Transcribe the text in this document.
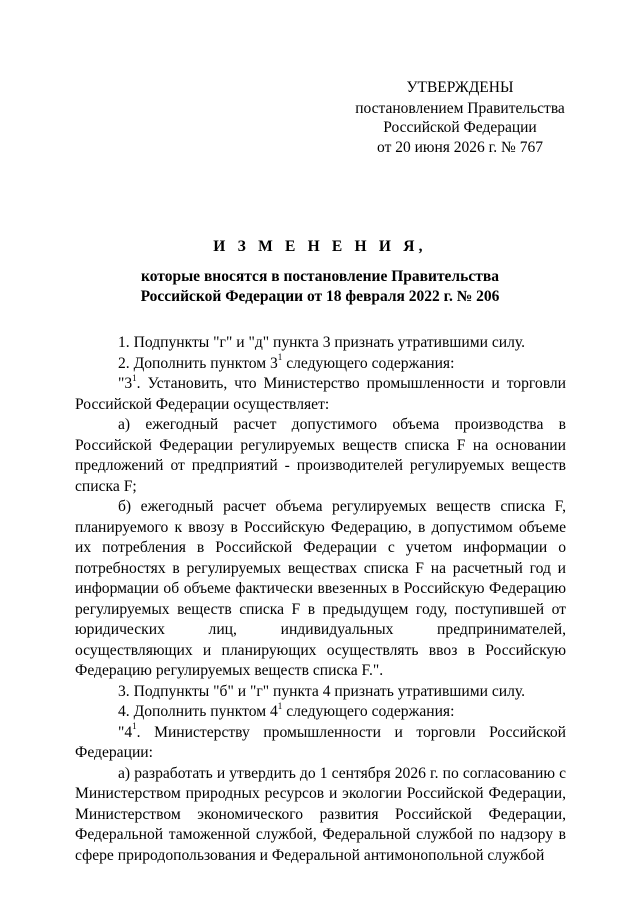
УТВЕРЖДЕНЫ
постановлением Правительства
Российской Федерации
от 20 июня 2026 г. № 767
И З М Е Н Е Н И Я,
которые вносятся в постановление Правительства
Российской Федерации от 18 февраля 2022 г. № 206

1. Подпункты "г" и "д" пункта 3 признать утратившими силу.

2. Дополнить пунктом $3^1$ следующего содержания:

"$3^1$. Установить, что Министерство промышленности и торговли Российской Федерации осуществляет:

а) ежегодный расчет допустимого объема производства в Российской Федерации регулируемых веществ списка F на основании предложений от предприятий - производителей регулируемых веществ списка F;

б) ежегодный расчет объема регулируемых веществ списка F, планируемого к ввозу в Российскую Федерацию, в допустимом объеме их потребления в Российской Федерации с учетом информации о потребностях в регулируемых веществах списка F на расчетный год и информации об объеме фактически ввезенных в Российскую Федерацию регулируемых веществ списка F в предыдущем году, поступившей от юридических лиц, индивидуальных предпринимателей, осуществляющих и планирующих осуществлять ввоз в Российскую Федерацию регулируемых веществ списка F.".

3. Подпункты "б" и "г" пункта 4 признать утратившими силу.

4. Дополнить пунктом $4^1$ следующего содержания:

"$4^1$. Министерству промышленности и торговли Российской Федерации:

а) разработать и утвердить до 1 сентября 2026 г. по согласованию с Министерством природных ресурсов и экологии Российской Федерации, Министерством экономического развития Российской Федерации, Федеральной таможенной службой, Федеральной службой по надзору в сфере природопользования и Федеральной антимонопольной службой
